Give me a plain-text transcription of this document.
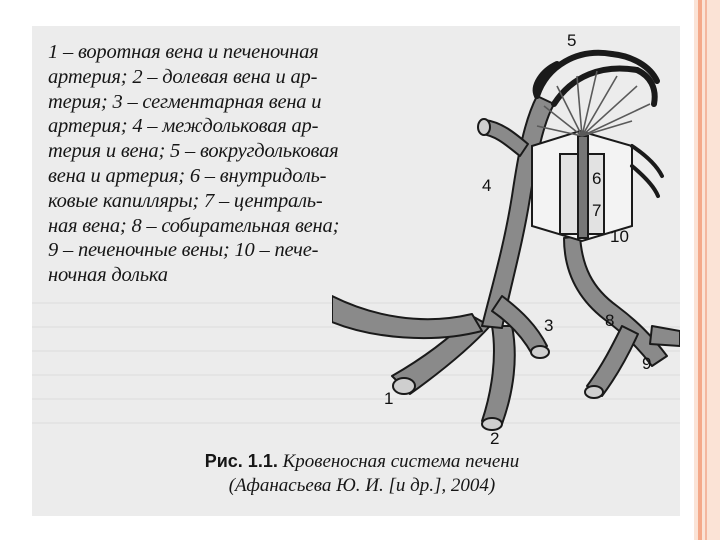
1 – воротная вена и печеночная
артерия; 2 – долевая вена и ар-
терия; 3 – сегментарная вена и
артерия; 4 – междольковая ар-
терия и вена; 5 – вокругдольковая
вена и артерия; 6 – внутридоль-
ковые капилляры; 7 – централь-
ная вена; 8 – собирательная вена;
9 – печеночные вены; 10 – пече-
ночная долька
1
2
3
4
5
6
7
8
9
10
Рис. 1.1. Кровеносная система печени
(Афанасьева Ю. И. [и др.], 2004)
